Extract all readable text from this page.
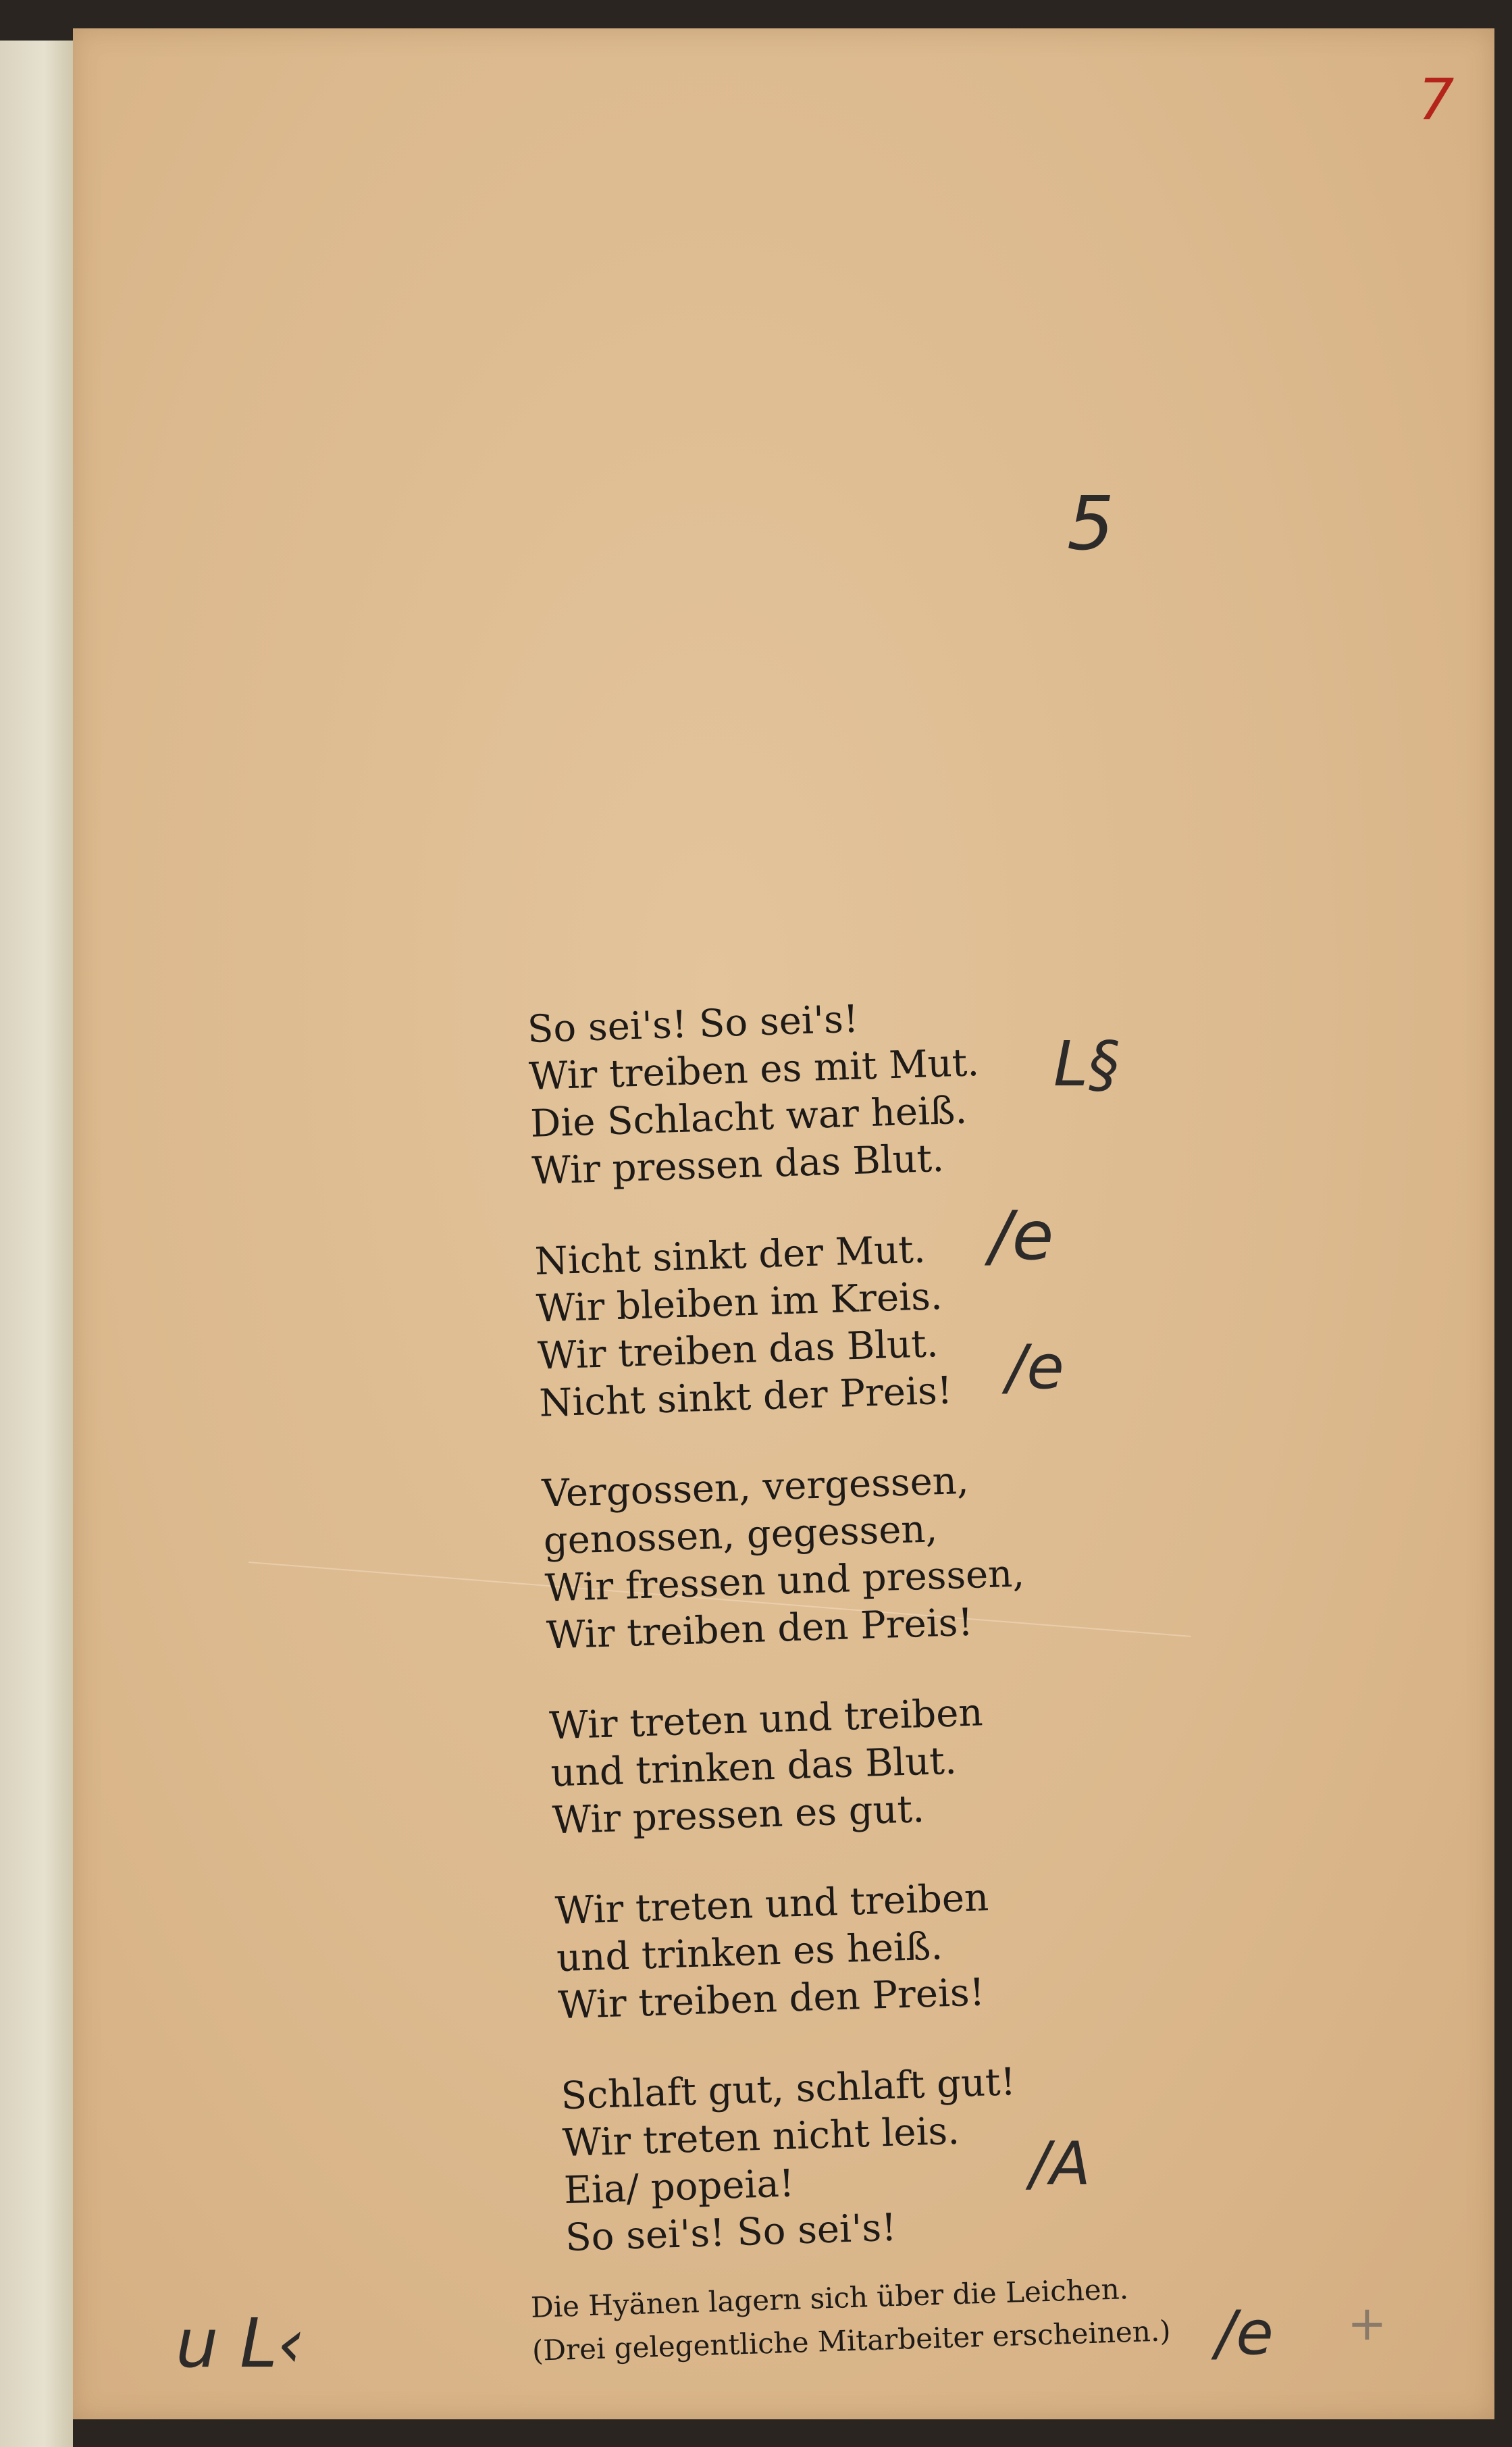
7
5
L§
/e
/e
/A
u L‹	/e +
So sei's! So sei's!
Wir treiben es mit Mut.
Die Schlacht war heiß.
Wir pressen das Blut.
Nicht sinkt der Mut.
Wir bleiben im Kreis.
Wir treiben das Blut.
Nicht sinkt der Preis!
Vergossen, vergessen,
genossen, gegessen,
Wir fressen und pressen,
Wir treiben den Preis!
Wir treten und treiben
und trinken das Blut.
Wir pressen es gut.
Wir treten und treiben
und trinken es heiß.
Wir treiben den Preis!
Schlaft gut, schlaft gut!
Wir treten nicht leis.
Eia/ popeia!
So sei's! So sei's!
Die Hyänen lagern sich über die Leichen.
(Drei gelegentliche Mitarbeiter erscheinen.)
